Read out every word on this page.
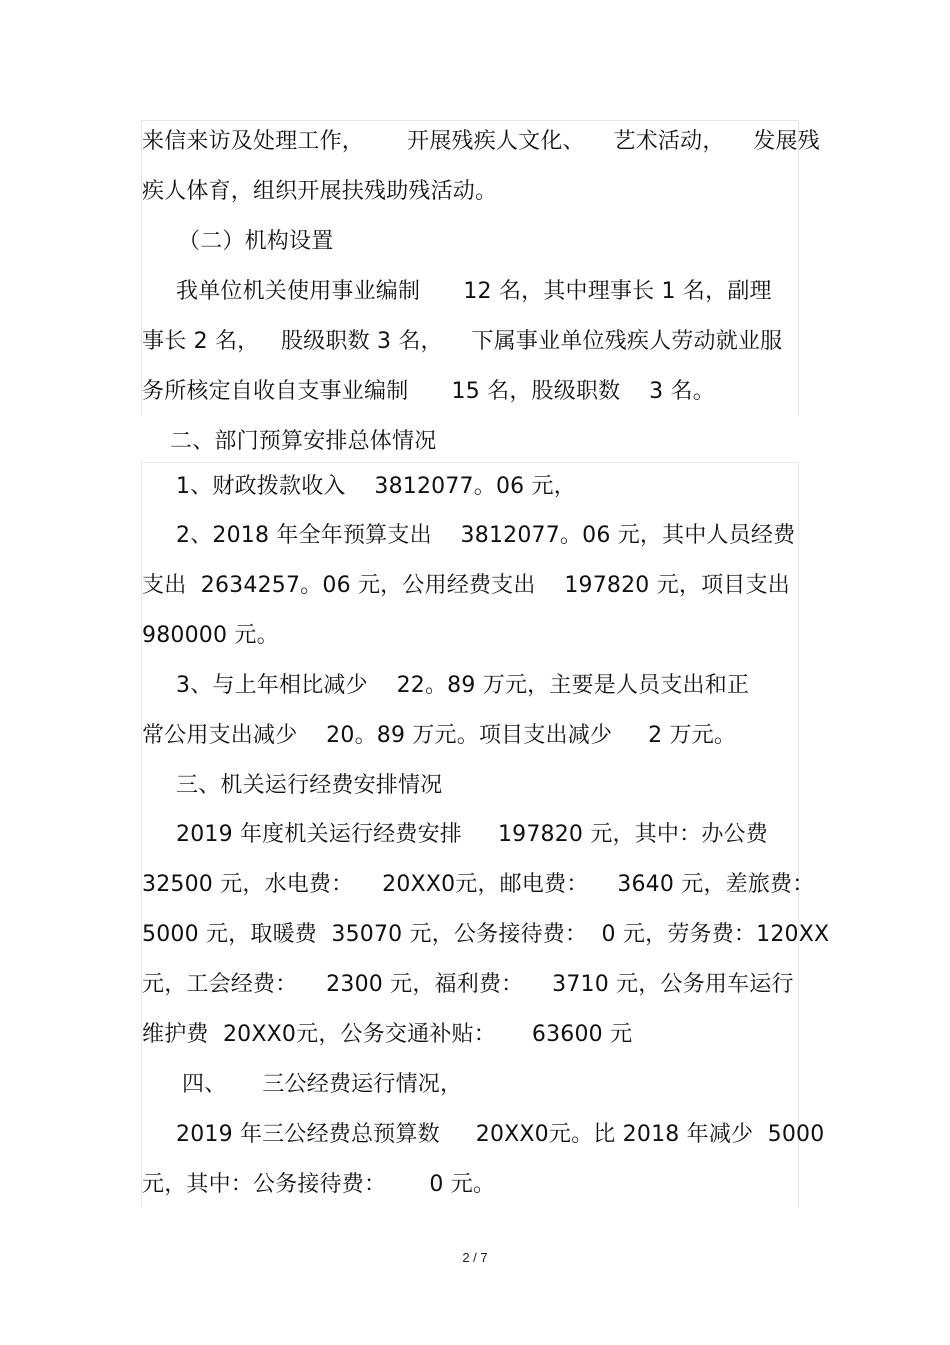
来信来访及处理工作，      开展残疾人文化、    艺术活动，    发展残
疾人体育，组织开展扶残助残活动。
（二）机构设置
我单位机关使用事业编制      12 名，其中理事长 1 名，副理
事长 2 名，   股级职数 3 名，    下属事业单位残疾人劳动就业服
务所核定自收自支事业编制      15 名，股级职数    3 名。
二、部门预算安排总体情况
1、财政拨款收入    3812077。06 元，
2、2018 年全年预算支出    3812077。06 元，其中人员经费
支出  2634257。06 元，公用经费支出    197820 元，项目支出
980000 元。
3、与上年相比减少    22。89 万元，主要是人员支出和正
常公用支出减少    20。89 万元。项目支出减少     2 万元。
三、机关运行经费安排情况
2019 年度机关运行经费安排     197820 元，其中：办公费
32500 元，水电费：    20XX0元，邮电费：    3640 元，差旅费：
5000 元，取暖费  35070 元，公务接待费：  0 元，劳务费：120XX
元，工会经费：    2300 元，福利费：    3710 元，公务用车运行
维护费  20XX0元，公务交通补贴：     63600 元
四、     三公经费运行情况，
2019 年三公经费总预算数     20XX0元。比 2018 年减少  5000
元，其中：公务接待费：      0 元。
2 / 7
